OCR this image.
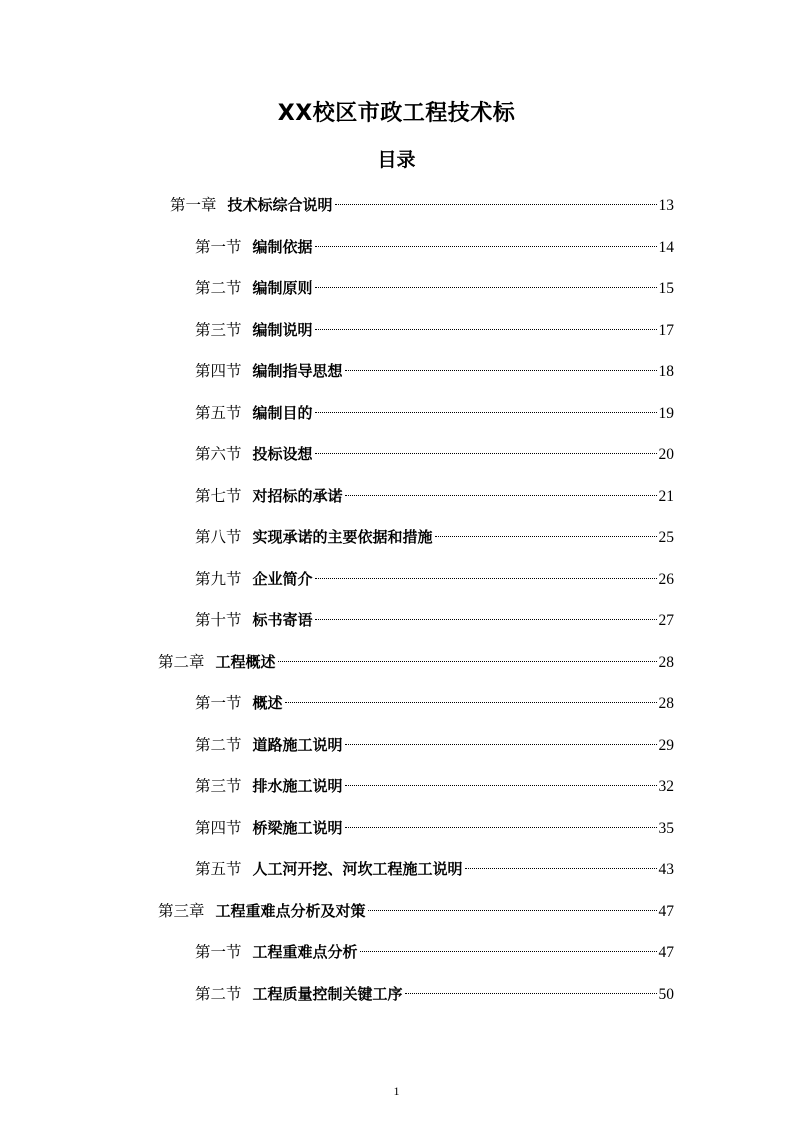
XX校区市政工程技术标
目录
第一章 技术标综合说明	13
第一节 编制依据	14
第二节 编制原则	15
第三节 编制说明	17
第四节 编制指导思想	18
第五节 编制目的	19
第六节 投标设想	20
第七节 对招标的承诺	21
第八节 实现承诺的主要依据和措施	25
第九节 企业简介	26
第十节 标书寄语	27
第二章 工程概述	28
第一节 概述	28
第二节 道路施工说明	29
第三节 排水施工说明	32
第四节 桥梁施工说明	35
第五节 人工河开挖、河坎工程施工说明	43
第三章 工程重难点分析及对策	47
第一节 工程重难点分析	47
第二节 工程质量控制关键工序	50
1
